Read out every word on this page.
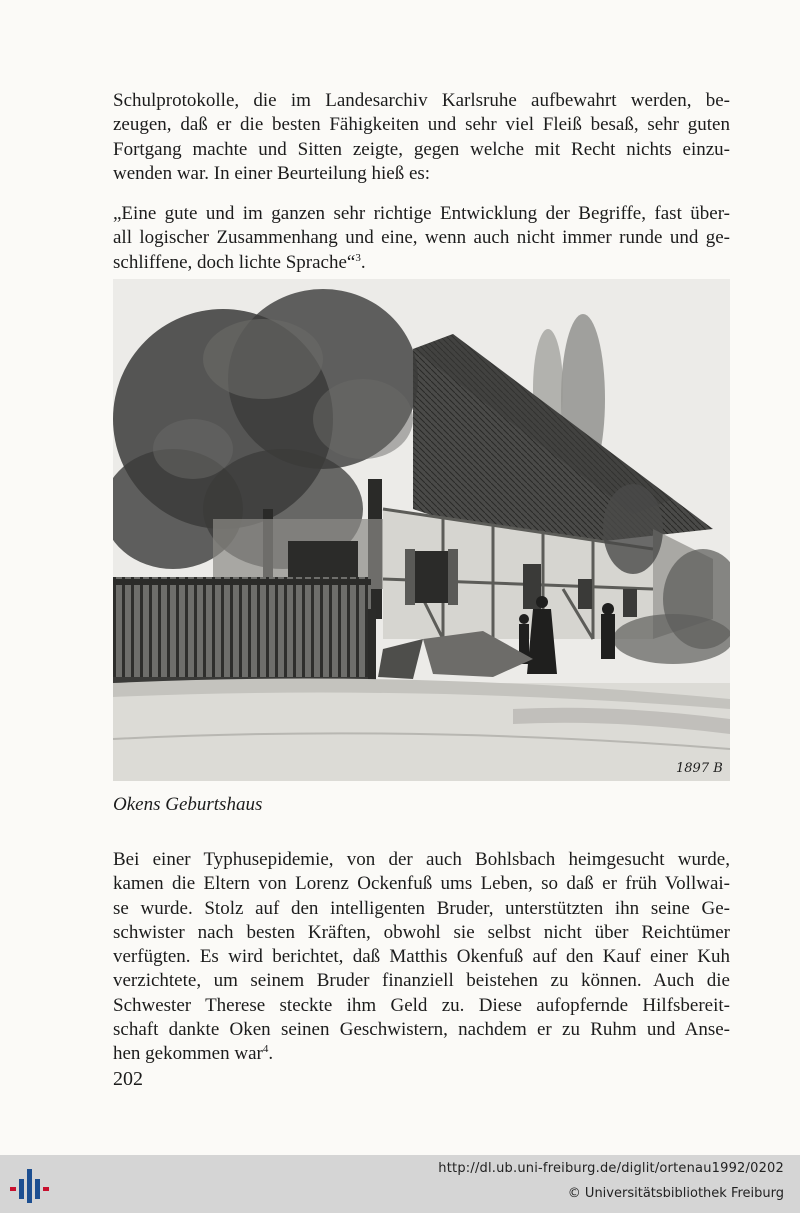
Schulprotokolle, die im Landesarchiv Karlsruhe aufbewahrt werden, be-
zeugen, daß er die besten Fähigkeiten und sehr viel Fleiß besaß, sehr guten
Fortgang machte und Sitten zeigte, gegen welche mit Recht nichts einzu-
wenden war. In einer Beurteilung hieß es:
„Eine gute und im ganzen sehr richtige Entwicklung der Begriffe, fast über-
all logischer Zusammenhang und eine, wenn auch nicht immer runde und ge-
schliffene, doch lichte Sprache“$^3$.
1897 B
Okens Geburtshaus
Bei einer Typhusepidemie, von der auch Bohlsbach heimgesucht wurde,
kamen die Eltern von Lorenz Ockenfuß ums Leben, so daß er früh Vollwai-
se wurde. Stolz auf den intelligenten Bruder, unterstützten ihn seine Ge-
schwister nach besten Kräften, obwohl sie selbst nicht über Reichtümer
verfügten. Es wird berichtet, daß Matthis Okenfuß auf den Kauf einer Kuh
verzichtete, um seinem Bruder finanziell beistehen zu können. Auch die
Schwester Therese steckte ihm Geld zu. Diese aufopfernde Hilfsbereit-
schaft dankte Oken seinen Geschwistern, nachdem er zu Ruhm und Anse-
hen gekommen war$^4$.
202
http://dl.ub.uni-freiburg.de/diglit/ortenau1992/0202
© Universitätsbibliothek Freiburg
